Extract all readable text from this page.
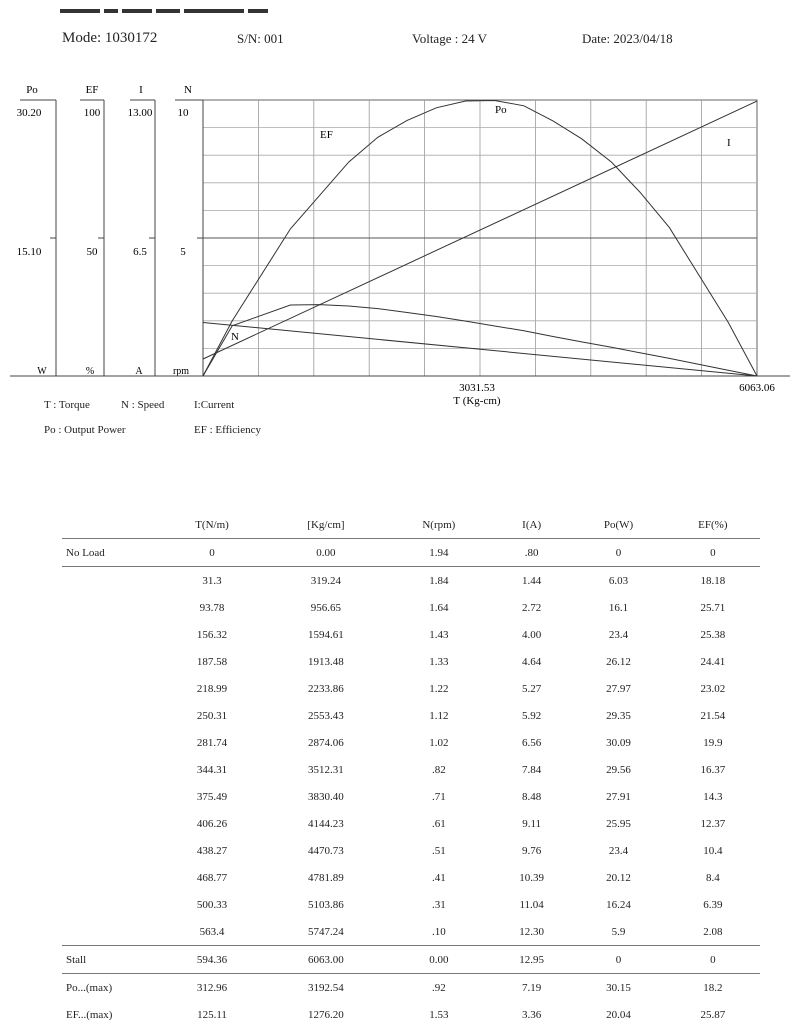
Mode: 1030172	S/N: 001	Voltage : 24 V	Date: 2023/04/18
Po	EF	I	N
30.20	100 13.00 10
15.10	50	6.5	5
W	%	A	rpm
3031.53	6063.06
T (Kg-cm)
Po
EF
I
N
T : Torque	N : Speed	I:Current
Po : Output Power	EF : Efficiency
	T(N/m)	[Kg/cm]	N(rpm)	I(A)	Po(W)	EF(%)
No Load	0	0.00	1.94	.80	0	0
	31.3	319.24	1.84	1.44	6.03	18.18
	93.78	956.65	1.64	2.72	16.1	25.71
	156.32	1594.61	1.43	4.00	23.4	25.38
	187.58	1913.48	1.33	4.64	26.12	24.41
	218.99	2233.86	1.22	5.27	27.97	23.02
	250.31	2553.43	1.12	5.92	29.35	21.54
	281.74	2874.06	1.02	6.56	30.09	19.9
	344.31	3512.31	.82	7.84	29.56	16.37
	375.49	3830.40	.71	8.48	27.91	14.3
	406.26	4144.23	.61	9.11	25.95	12.37
	438.27	4470.73	.51	9.76	23.4	10.4
	468.77	4781.89	.41	10.39	20.12	8.4
	500.33	5103.86	.31	11.04	16.24	6.39
	563.4	5747.24	.10	12.30	5.9	2.08
Stall	594.36	6063.00	0.00	12.95	0	0
Po...(max)	312.96	3192.54	.92	7.19	30.15	18.2
EF...(max)	125.11	1276.20	1.53	3.36	20.04	25.87
